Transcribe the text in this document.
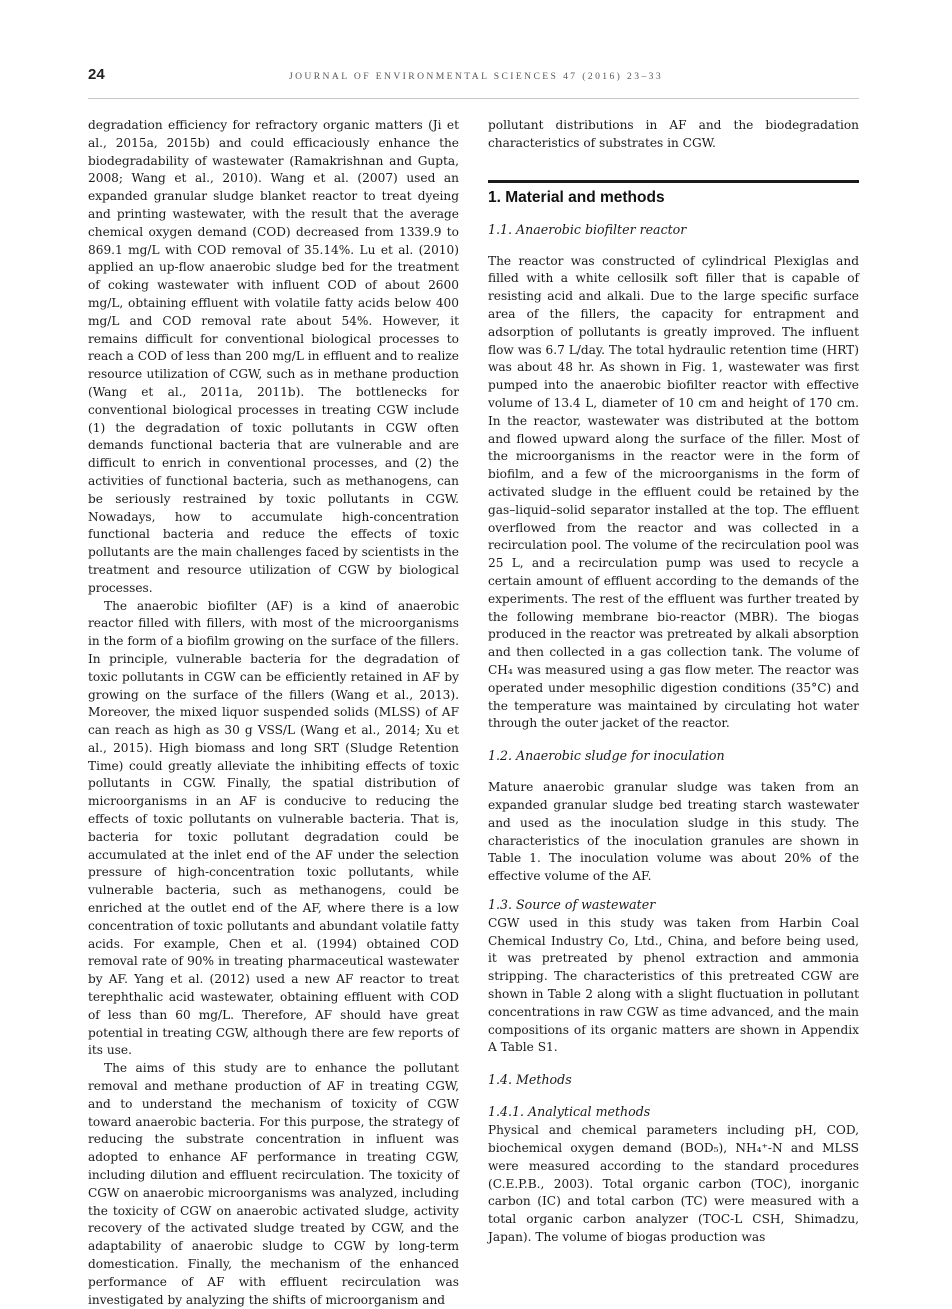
24	JOURNAL OF ENVIRONMENTAL SCIENCES 47 (2016) 23–33

degradation efficiency for refractory organic matters (Ji et al., 2015a, 2015b) and could efficaciously enhance the biodegradability of wastewater (Ramakrishnan and Gupta, 2008; Wang et al., 2010). Wang et al. (2007) used an expanded granular sludge blanket reactor to treat dyeing and printing wastewater, with the result that the average chemical oxygen demand (COD) decreased from 1339.9 to 869.1 mg/L with COD removal of 35.14%. Lu et al. (2010) applied an up-flow anaerobic sludge bed for the treatment of coking wastewater with influent COD of about 2600 mg/L, obtaining effluent with volatile fatty acids below 400 mg/L and COD removal rate about 54%. However, it remains difficult for conventional biological processes to reach a COD of less than 200 mg/L in effluent and to realize resource utilization of CGW, such as in methane production (Wang et al., 2011a, 2011b). The bottlenecks for conventional biological processes in treating CGW include (1) the degradation of toxic pollutants in CGW often demands functional bacteria that are vulnerable and are difficult to enrich in conventional processes, and (2) the activities of functional bacteria, such as methanogens, can be seriously restrained by toxic pollutants in CGW. Nowadays, how to accumulate high-concentration functional bacteria and reduce the effects of toxic pollutants are the main challenges faced by scientists in the treatment and resource utilization of CGW by biological processes.

The anaerobic biofilter (AF) is a kind of anaerobic reactor filled with fillers, with most of the microorganisms in the form of a biofilm growing on the surface of the fillers. In principle, vulnerable bacteria for the degradation of toxic pollutants in CGW can be efficiently retained in AF by growing on the surface of the fillers (Wang et al., 2013). Moreover, the mixed liquor suspended solids (MLSS) of AF can reach as high as 30 g VSS/L (Wang et al., 2014; Xu et al., 2015). High biomass and long SRT (Sludge Retention Time) could greatly alleviate the inhibiting effects of toxic pollutants in CGW. Finally, the spatial distribution of microorganisms in an AF is conducive to reducing the effects of toxic pollutants on vulnerable bacteria. That is, bacteria for toxic pollutant degradation could be accumulated at the inlet end of the AF under the selection pressure of high-concentration toxic pollutants, while vulnerable bacteria, such as methanogens, could be enriched at the outlet end of the AF, where there is a low concentration of toxic pollutants and abundant volatile fatty acids. For example, Chen et al. (1994) obtained COD removal rate of 90% in treating pharmaceutical wastewater by AF. Yang et al. (2012) used a new AF reactor to treat terephthalic acid wastewater, obtaining effluent with COD of less than 60 mg/L. Therefore, AF should have great potential in treating CGW, although there are few reports of its use.

The aims of this study are to enhance the pollutant removal and methane production of AF in treating CGW, and to understand the mechanism of toxicity of CGW toward anaerobic bacteria. For this purpose, the strategy of reducing the substrate concentration in influent was adopted to enhance AF performance in treating CGW, including dilution and effluent recirculation. The toxicity of CGW on anaerobic microorganisms was analyzed, including the toxicity of CGW on anaerobic activated sludge, activity recovery of the activated sludge treated by CGW, and the adaptability of anaerobic sludge to CGW by long-term domestication. Finally, the mechanism of the enhanced performance of AF with effluent recirculation was investigated by analyzing the shifts of microorganism and

pollutant distributions in AF and the biodegradation characteristics of substrates in CGW.

1. Material and methods
1.1. Anaerobic biofilter reactor

The reactor was constructed of cylindrical Plexiglas and filled with a white cellosilk soft filler that is capable of resisting acid and alkali. Due to the large specific surface area of the fillers, the capacity for entrapment and adsorption of pollutants is greatly improved. The influent flow was 6.7 L/day. The total hydraulic retention time (HRT) was about 48 hr. As shown in Fig. 1, wastewater was first pumped into the anaerobic biofilter reactor with effective volume of 13.4 L, diameter of 10 cm and height of 170 cm. In the reactor, wastewater was distributed at the bottom and flowed upward along the surface of the filler. Most of the microorganisms in the reactor were in the form of biofilm, and a few of the microorganisms in the form of activated sludge in the effluent could be retained by the gas–liquid–solid separator installed at the top. The effluent overflowed from the reactor and was collected in a recirculation pool. The volume of the recirculation pool was 25 L, and a recirculation pump was used to recycle a certain amount of effluent according to the demands of the experiments. The rest of the effluent was further treated by the following membrane bio-reactor (MBR). The biogas produced in the reactor was pretreated by alkali absorption and then collected in a gas collection tank. The volume of CH₄ was measured using a gas flow meter. The reactor was operated under mesophilic digestion conditions (35°C) and the temperature was maintained by circulating hot water through the outer jacket of the reactor.

1.2. Anaerobic sludge for inoculation

Mature anaerobic granular sludge was taken from an expanded granular sludge bed treating starch wastewater and used as the inoculation sludge in this study. The characteristics of the inoculation granules are shown in Table 1. The inoculation volume was about 20% of the effective volume of the AF.

1.3. Source of wastewater

CGW used in this study was taken from Harbin Coal Chemical Industry Co, Ltd., China, and before being used, it was pretreated by phenol extraction and ammonia stripping. The characteristics of this pretreated CGW are shown in Table 2 along with a slight fluctuation in pollutant concentrations in raw CGW as time advanced, and the main compositions of its organic matters are shown in Appendix A Table S1.

1.4. Methods
1.4.1. Analytical methods

Physical and chemical parameters including pH, COD, biochemical oxygen demand (BOD₅), NH₄⁺-N and MLSS were measured according to the standard procedures (C.E.P.B., 2003). Total organic carbon (TOC), inorganic carbon (IC) and total carbon (TC) were measured with a total organic carbon analyzer (TOC-L CSH, Shimadzu, Japan). The volume of biogas production was
